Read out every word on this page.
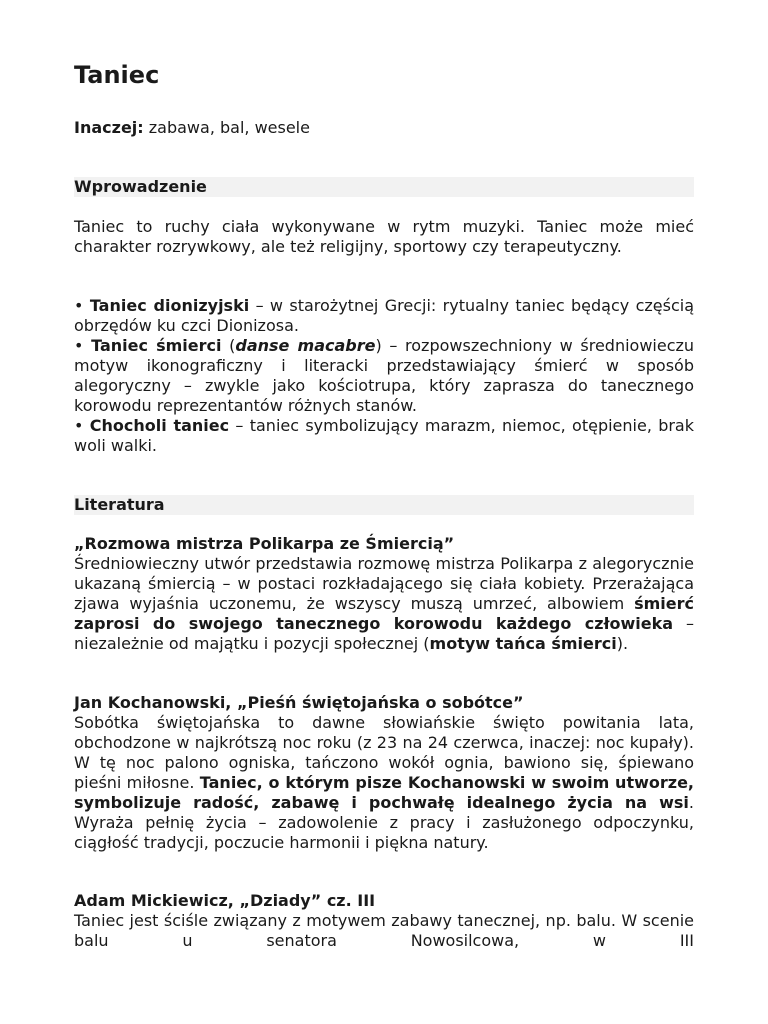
Taniec
Inaczej: zabawa, bal, wesele
Wprowadzenie
Taniec to ruchy ciała wykonywane w rytm muzyki. Taniec może mieć charakter rozrywkowy, ale też religijny, sportowy czy terapeutyczny.
• Taniec dionizyjski – w starożytnej Grecji: rytualny taniec będący częścią obrzędów ku czci Dionizosa.
• Taniec śmierci (danse macabre) – rozpowszechniony w średniowieczu motyw ikonograficzny i literacki przedstawiający śmierć w sposób alegoryczny – zwykle jako kościotrupa, który zaprasza do tanecznego korowodu reprezentantów różnych stanów.
• Chocholi taniec – taniec symbolizujący marazm, niemoc, otępienie, brak woli walki.
Literatura
„Rozmowa mistrza Polikarpa ze Śmiercią”
Średniowieczny utwór przedstawia rozmowę mistrza Polikarpa z alegorycznie ukazaną śmiercią – w postaci rozkładającego się ciała kobiety. Przerażająca zjawa wyjaśnia uczonemu, że wszyscy muszą umrzeć, albowiem śmierć zaprosi do swojego tanecznego korowodu każdego człowieka – niezależnie od majątku i pozycji społecznej (motyw tańca śmierci).
Jan Kochanowski, „Pieśń świętojańska o sobótce”
Sobótka świętojańska to dawne słowiańskie święto powitania lata, obchodzone w najkrótszą noc roku (z 23 na 24 czerwca, inaczej: noc kupały). W tę noc palono ogniska, tańczono wokół ognia, bawiono się, śpiewano pieśni miłosne. Taniec, o którym pisze Kochanowski w swoim utworze, symbolizuje radość, zabawę i pochwałę idealnego życia na wsi. Wyraża pełnię życia – zadowolenie z pracy i zasłużonego odpoczynku, ciągłość tradycji, poczucie harmonii i piękna natury.
Adam Mickiewicz, „Dziady” cz. III
Taniec jest ściśle związany z motywem zabawy tanecznej, np. balu. W scenie balu u senatora Nowosilcowa, w III
